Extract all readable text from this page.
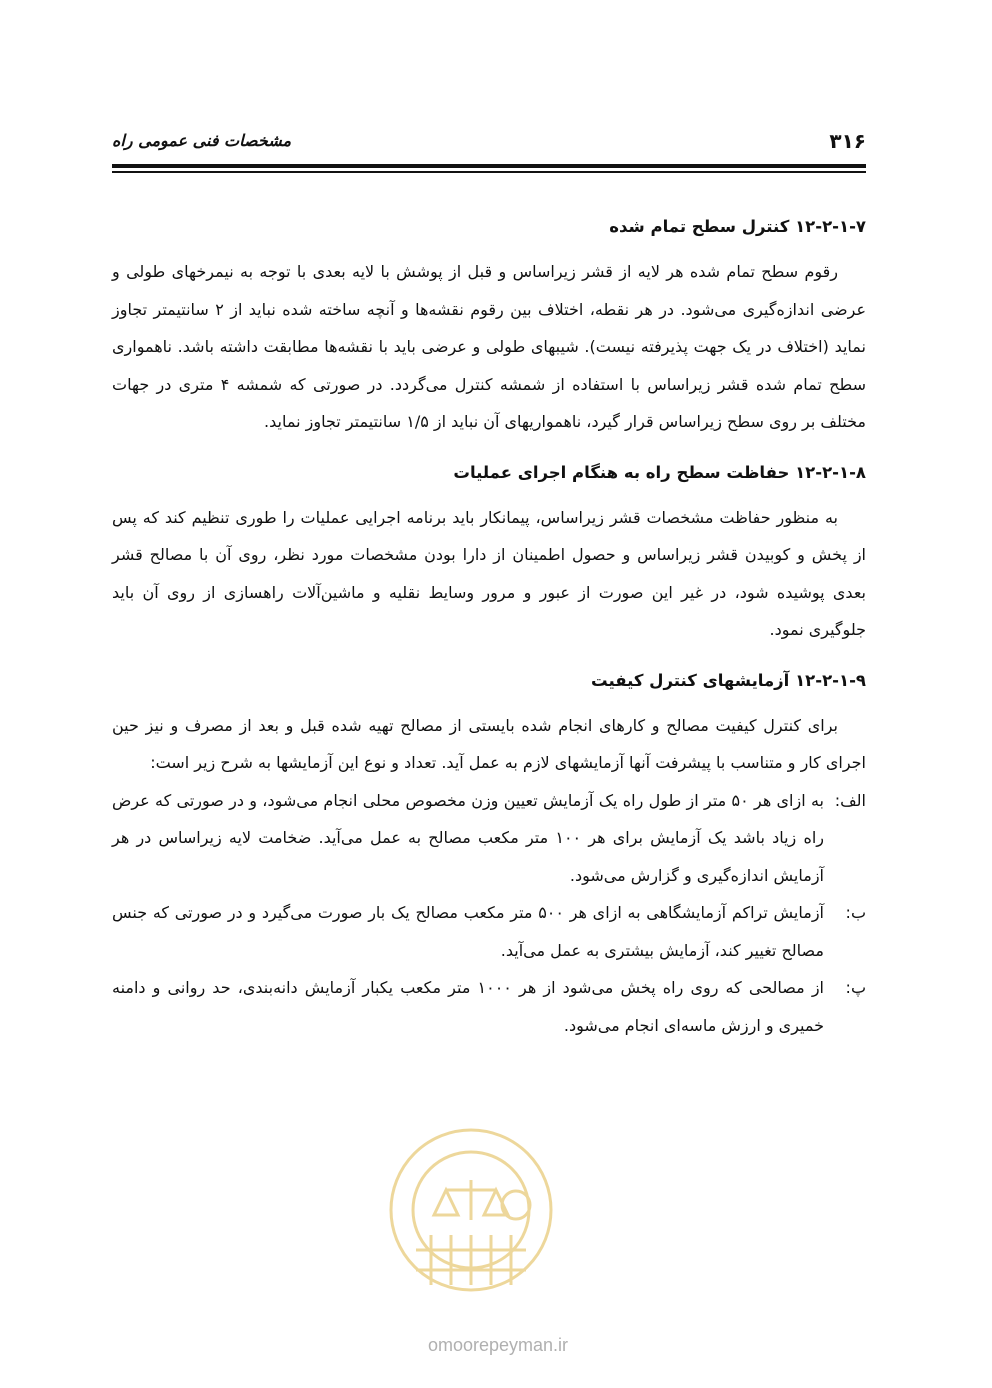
۳۱۶
مشخصات فنی عمومی راه
۱۲-۲-۱-۷ کنترل سطح تمام شده

رقوم سطح تمام شده هر لایه از قشر زیراساس و قبل از پوشش با لایه بعدی با توجه به نیمرخهای طولی و عرضی اندازه‌گیری می‌شود. در هر نقطه، اختلاف بین رقوم نقشه‌ها و آنچه ساخته شده نباید از ۲ سانتیمتر تجاوز نماید (اختلاف در یک جهت پذیرفته نیست). شیبهای طولی و عرضی باید با نقشه‌ها مطابقت داشته باشد. ناهمواری سطح تمام شده قشر زیراساس با استفاده از شمشه کنترل می‌گردد. در صورتی که شمشه ۴ متری در جهات مختلف بر روی سطح زیراساس قرار گیرد، ناهمواریهای آن نباید از ۱/۵ سانتیمتر تجاوز نماید.

۱۲-۲-۱-۸ حفاظت سطح راه به هنگام اجرای عملیات

به منظور حفاظت مشخصات قشر زیراساس، پیمانکار باید برنامه اجرایی عملیات را طوری تنظیم کند که پس از پخش و کوبیدن قشر زیراساس و حصول اطمینان از دارا بودن مشخصات مورد نظر، روی آن با مصالح قشر بعدی پوشیده شود، در غیر این صورت از عبور و مرور وسایط نقلیه و ماشین‌آلات راهسازی از روی آن باید جلوگیری نمود.

۱۲-۲-۱-۹ آزمایشهای کنترل کیفیت

برای کنترل کیفیت مصالح و کارهای انجام شده بایستی از مصالح تهیه شده قبل و بعد از مصرف و نیز حین اجرای کار و متناسب با پیشرفت آنها آزمایشهای لازم به عمل آید. تعداد و نوع این آزمایشها به شرح زیر است:

الف:
به ازای هر ۵۰ متر از طول راه یک آزمایش تعیین وزن مخصوص محلی انجام می‌شود، و در صورتی که عرض راه زیاد باشد یک آزمایش برای هر ۱۰۰ متر مکعب مصالح به عمل می‌آید. ضخامت لایه زیراساس در هر آزمایش اندازه‌گیری و گزارش می‌شود.
ب:
آزمایش تراکم آزمایشگاهی به ازای هر ۵۰۰ متر مکعب مصالح یک بار صورت می‌گیرد و در صورتی که جنس مصالح تغییر کند، آزمایش بیشتری به عمل می‌آید.
پ:
از مصالحی که روی راه پخش می‌شود از هر ۱۰۰۰ متر مکعب یکبار آزمایش دانه‌بندی، حد روانی و دامنه خمیری و ارزش ماسه‌ای انجام می‌شود.
omoorepeyman.ir
